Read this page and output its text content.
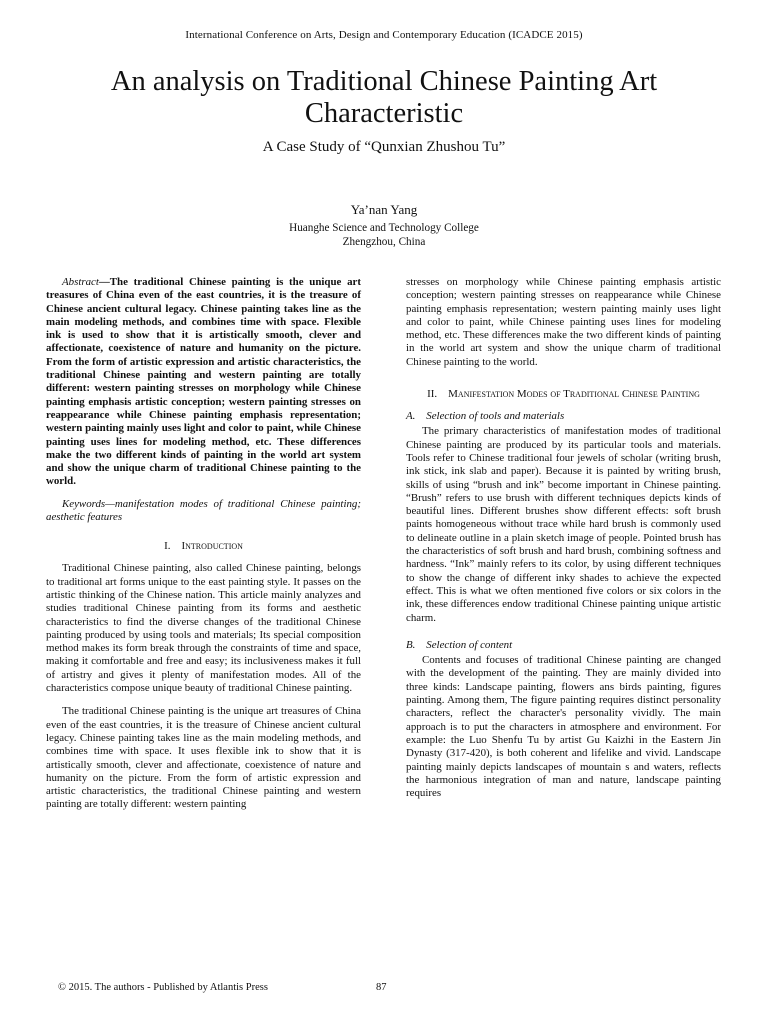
International Conference on Arts, Design and Contemporary Education (ICADCE 2015)
An analysis on Traditional Chinese Painting Art Characteristic
A Case Study of “Qunxian Zhushou Tu”
Ya’nan Yang
Huanghe Science and Technology College
Zhengzhou, China

Abstract—The traditional Chinese painting is the unique art treasures of China even of the east countries, it is the treasure of Chinese ancient cultural legacy. Chinese painting takes line as the main modeling methods, and combines time with space. Flexible ink is used to show that it is artistically smooth, clever and affectionate, coexistence of nature and humanity on the picture. From the form of artistic expression and artistic characteristics, the traditional Chinese painting and western painting are totally different: western painting stresses on morphology while Chinese painting emphasis artistic conception; western painting stresses on reappearance while Chinese painting emphasis representation; western painting mainly uses light and color to paint, while Chinese painting uses lines for modeling method, etc. These differences make the two different kinds of painting in the world art system and show the unique charm of traditional Chinese painting to the world.

Keywords—manifestation modes of traditional Chinese painting; aesthetic features

I. Introduction

Traditional Chinese painting, also called Chinese painting, belongs to traditional art forms unique to the east painting style. It passes on the artistic thinking of the Chinese nation. This article mainly analyzes and studies traditional Chinese painting from its forms and aesthetic characteristics to find the diverse changes of the traditional Chinese painting produced by using tools and materials; Its special composition method makes its form break through the constraints of time and space, making it comfortable and free and easy; its inclusiveness makes it full of artistry and gives it plenty of manifestation modes. All of the characteristics compose unique beauty of traditional Chinese painting.

The traditional Chinese painting is the unique art treasures of China even of the east countries, it is the treasure of Chinese ancient cultural legacy. Chinese painting takes line as the main modeling methods, and combines time with space. It uses flexible ink to show that it is artistically smooth, clever and affectionate, coexistence of nature and humanity on the picture. From the form of artistic expression and artistic characteristics, the traditional Chinese painting and western painting are totally different: western painting

stresses on morphology while Chinese painting emphasis artistic conception; western painting stresses on reappearance while Chinese painting emphasis representation; western painting mainly uses light and color to paint, while Chinese painting uses lines for modeling method, etc. These differences make the two different kinds of painting in the world art system and show the unique charm of traditional Chinese painting to the world.

II. Manifestation Modes of Traditional Chinese Painting
A. Selection of tools and materials

The primary characteristics of manifestation modes of traditional Chinese painting are produced by its particular tools and materials. Tools refer to Chinese traditional four jewels of scholar (writing brush, ink stick, ink slab and paper). Because it is painted by writing brush, skills of using “brush and ink” become important in Chinese painting. “Brush” refers to use brush with different techniques depicts kinds of beautiful lines. Different brushes show different effects: soft brush paints homogeneous without trace while hard brush is commonly used to delineate outline in a plain sketch image of people. Pointed brush has the characteristics of soft brush and hard brush, combining softness and hardness. “Ink” mainly refers to its color, by using different techniques to show the change of different inky shades to achieve the expected effect. This is what we often mentioned five colors or six colors in the ink, these differences endow traditional Chinese painting unique artistic charm.

B. Selection of content

Contents and focuses of traditional Chinese painting are changed with the development of the painting. They are mainly divided into three kinds: Landscape painting, flowers ans birds painting, figures painting. Among them, The figure painting requires distinct personality characters, reflect the character's personality vividly. The main approach is to put the characters in atmosphere and environment. For example: the Luo Shenfu Tu by artist Gu Kaizhi in the Eastern Jin Dynasty (317-420), is both coherent and lifelike and vivid. Landscape painting mainly depicts landscapes of mountain s and waters, reflects the harmonious integration of man and nature, landscape painting requires

© 2015. The authors - Published by Atlantis Press	87
